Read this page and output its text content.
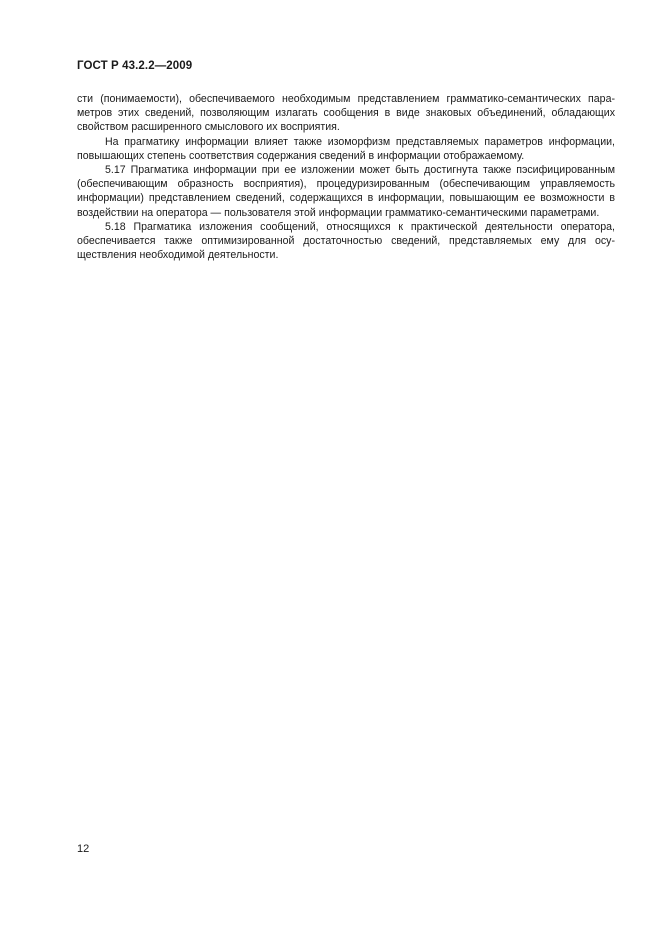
ГОСТ Р 43.2.2—2009

сти (понимаемости), обеспечиваемого необходимым представлением грамматико-семантических параметров этих сведений, позволяющим излагать сообщения в виде знаковых объединений, обладающих свойством расширенного смыслового их восприятия.

На прагматику информации влияет также изоморфизм представляемых параметров информации, повышающих степень соответствия содержания сведений в информации отображаемому.

5.17 Прагматика информации при ее изложении может быть достигнута также пэсифицированным (обеспечивающим образность восприятия), процедуризированным (обеспечивающим управляемость информации) представлением сведений, содержащихся в информации, повышающим ее возможности в воздействии на оператора — пользователя этой информации грамматико-семантическими параметрами.

5.18 Прагматика изложения сообщений, относящихся к практической деятельности оператора, обеспечивается также оптимизированной достаточностью сведений, представляемых ему для осуществления необходимой деятельности.

12
